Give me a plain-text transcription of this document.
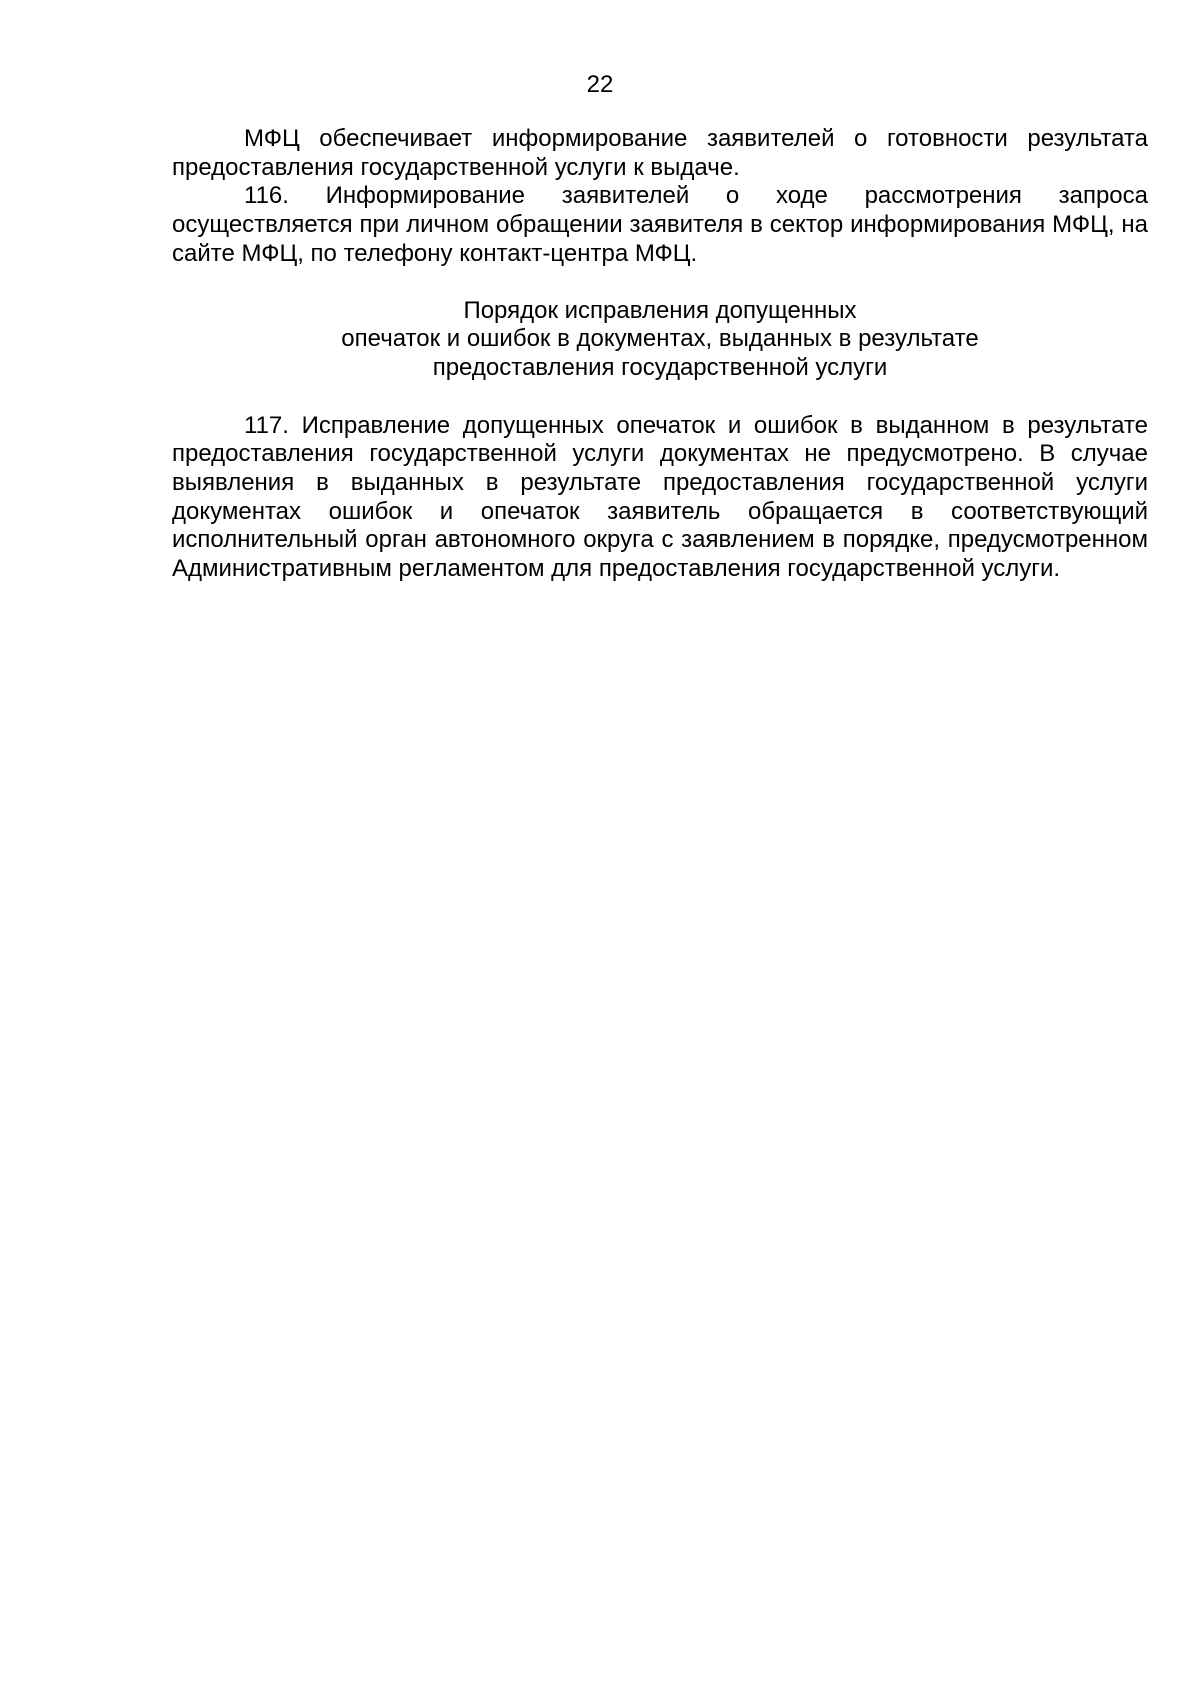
22

МФЦ обеспечивает информирование заявителей о готовности результата предоставления государственной услуги к выдаче.

116. Информирование заявителей о ходе рассмотрения запроса осуществляется при личном обращении заявителя в сектор информирования МФЦ, на сайте МФЦ, по телефону контакт-центра МФЦ.

Порядок исправления допущенных
опечаток и ошибок в документах, выданных в результате
предоставления государственной услуги

117. Исправление допущенных опечаток и ошибок в выданном в результате предоставления государственной услуги документах не предусмотрено. В случае выявления в выданных в результате предоставления государственной услуги документах ошибок и опечаток заявитель обращается в соответствующий исполнительный орган автономного округа с заявлением в порядке, предусмотренном Административным регламентом для предоставления государственной услуги.
